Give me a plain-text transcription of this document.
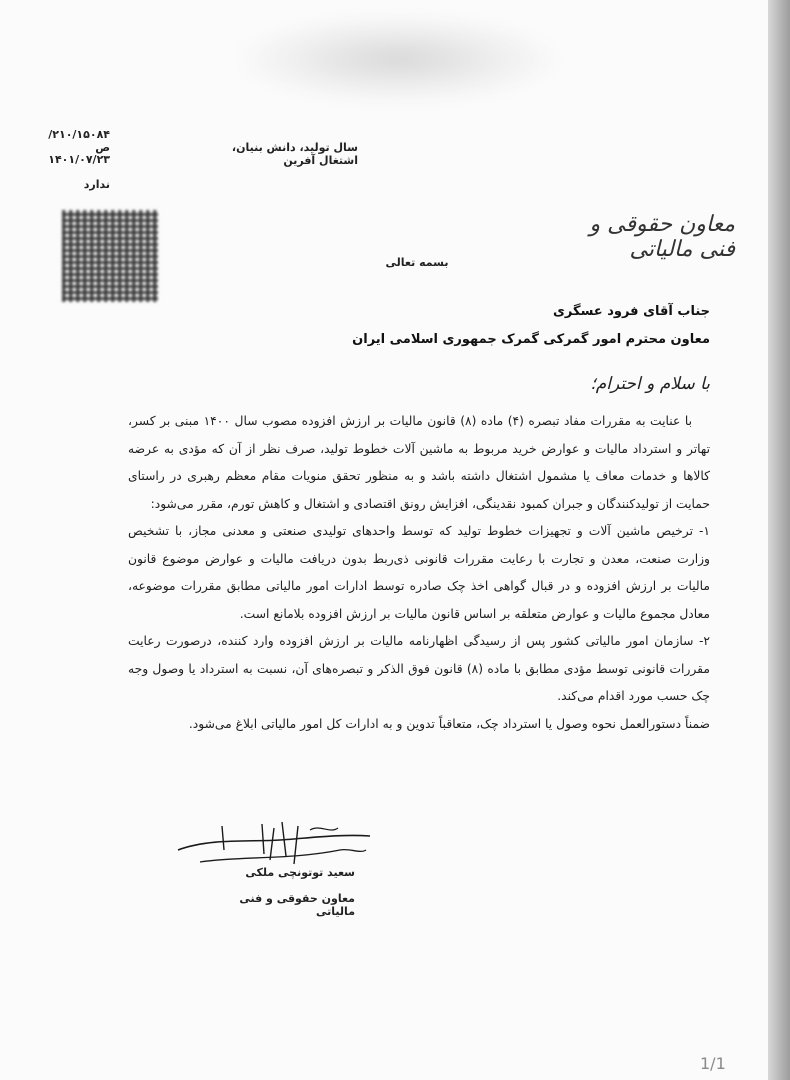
۲۱۰/۱۵۰۸۴/ص
۱۴۰۱/۰۷/۲۳
ندارد
سال تولید، دانش بنیان، اشتغال آفرین
معاون حقوقی و فنی مالیاتی
بسمه تعالی
جناب آقای فرود عسگری
معاون محترم امور گمرکی گمرک جمهوری اسلامی ایران
با سلام و احترام؛

با عنایت به مقررات مفاد تبصره (۴) ماده (۸) قانون مالیات بر ارزش افزوده مصوب سال ۱۴۰۰ مبنی بر کسر، تهاتر و استرداد مالیات و عوارض خرید مربوط به ماشین آلات خطوط تولید، صرف نظر از آن که مؤدی به عرضه کالاها و خدمات معاف یا مشمول اشتغال داشته باشد و به منظور تحقق منویات مقام معظم رهبری در راستای حمایت از تولیدکنندگان و جبران کمبود نقدینگی، افزایش رونق اقتصادی و اشتغال و کاهش تورم، مقرر می‌شود:

۱- ترخیص ماشین آلات و تجهیزات خطوط تولید که توسط واحدهای تولیدی صنعتی و معدنی مجاز، با تشخیص وزارت صنعت، معدن و تجارت با رعایت مقررات قانونی ذی‌ربط بدون دریافت مالیات و عوارض موضوع قانون مالیات بر ارزش افزوده و در قبال گواهی اخذ چک صادره توسط ادارات امور مالیاتی مطابق مقررات موضوعه، معادل مجموع مالیات و عوارض متعلقه بر اساس قانون مالیات بر ارزش افزوده بلامانع است.

۲- سازمان امور مالیاتی کشور پس از رسیدگی اظهارنامه مالیات بر ارزش افزوده وارد کننده، درصورت رعایت مقررات قانونی توسط مؤدی مطابق با ماده (۸) قانون فوق الذکر و تبصره‌های آن، نسبت به استرداد یا وصول وجه چک حسب مورد اقدام می‌کند.

ضمناً دستورالعمل نحوه وصول یا استرداد چک، متعاقباً تدوین و به ادارات کل امور مالیاتی ابلاغ می‌شود.

سعید توتونچی ملکی
معاون حقوقی و فنی مالیاتی
1/1
